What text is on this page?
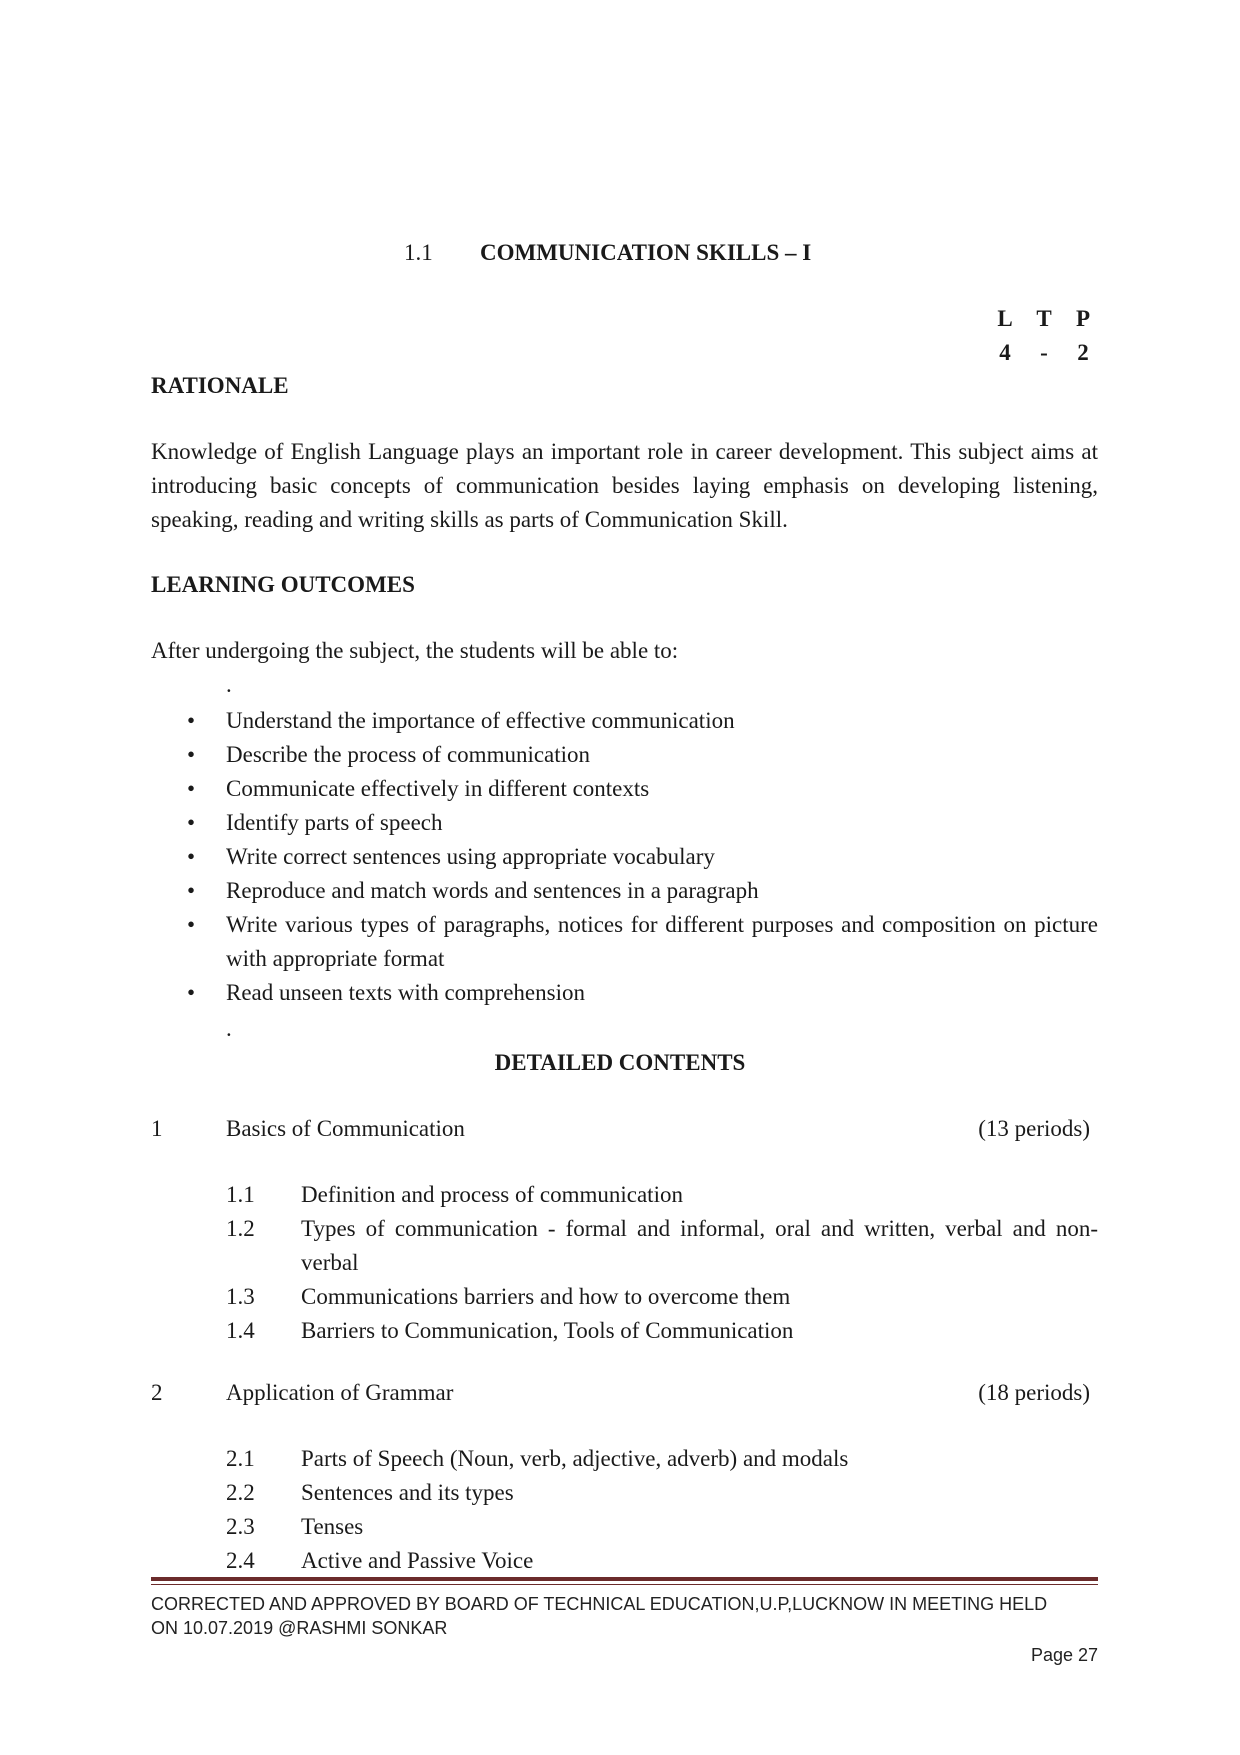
1.1 COMMUNICATION SKILLS – I
L	T	P
4	-	2
RATIONALE
Knowledge of English Language plays an important role in career development. This subject aims at introducing basic concepts of communication besides laying emphasis on developing listening, speaking, reading and writing skills as parts of Communication Skill.
LEARNING OUTCOMES
After undergoing the subject, the students will be able to:
.
• Understand the importance of effective communication
• Describe the process of communication
• Communicate effectively in different contexts
• Identify parts of speech
• Write correct sentences using appropriate vocabulary
• Reproduce and match words and sentences in a paragraph
• Write various types of paragraphs, notices for different purposes and composition on picture with appropriate format
• Read unseen texts with comprehension
.
DETAILED CONTENTS
1	Basics of Communication	(13 periods)
1.1	Definition and process of communication
1.2	Types of communication - formal and informal, oral and written, verbal and non-verbal
1.3	Communications barriers and how to overcome them
1.4	Barriers to Communication, Tools of Communication
2	Application of Grammar	(18 periods)
2.1	Parts of Speech (Noun, verb, adjective, adverb) and modals
2.2	Sentences and its types
2.3	Tenses
2.4	Active and Passive Voice
CORRECTED AND APPROVED BY BOARD OF TECHNICAL EDUCATION,U.P,LUCKNOW IN MEETING HELD
ON 10.07.2019 @RASHMI SONKAR
Page 27
